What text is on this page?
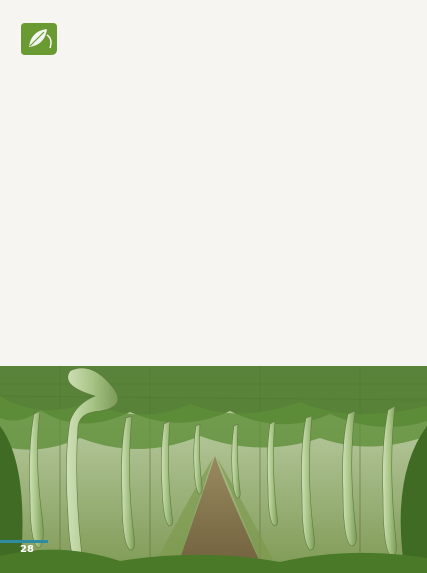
28
